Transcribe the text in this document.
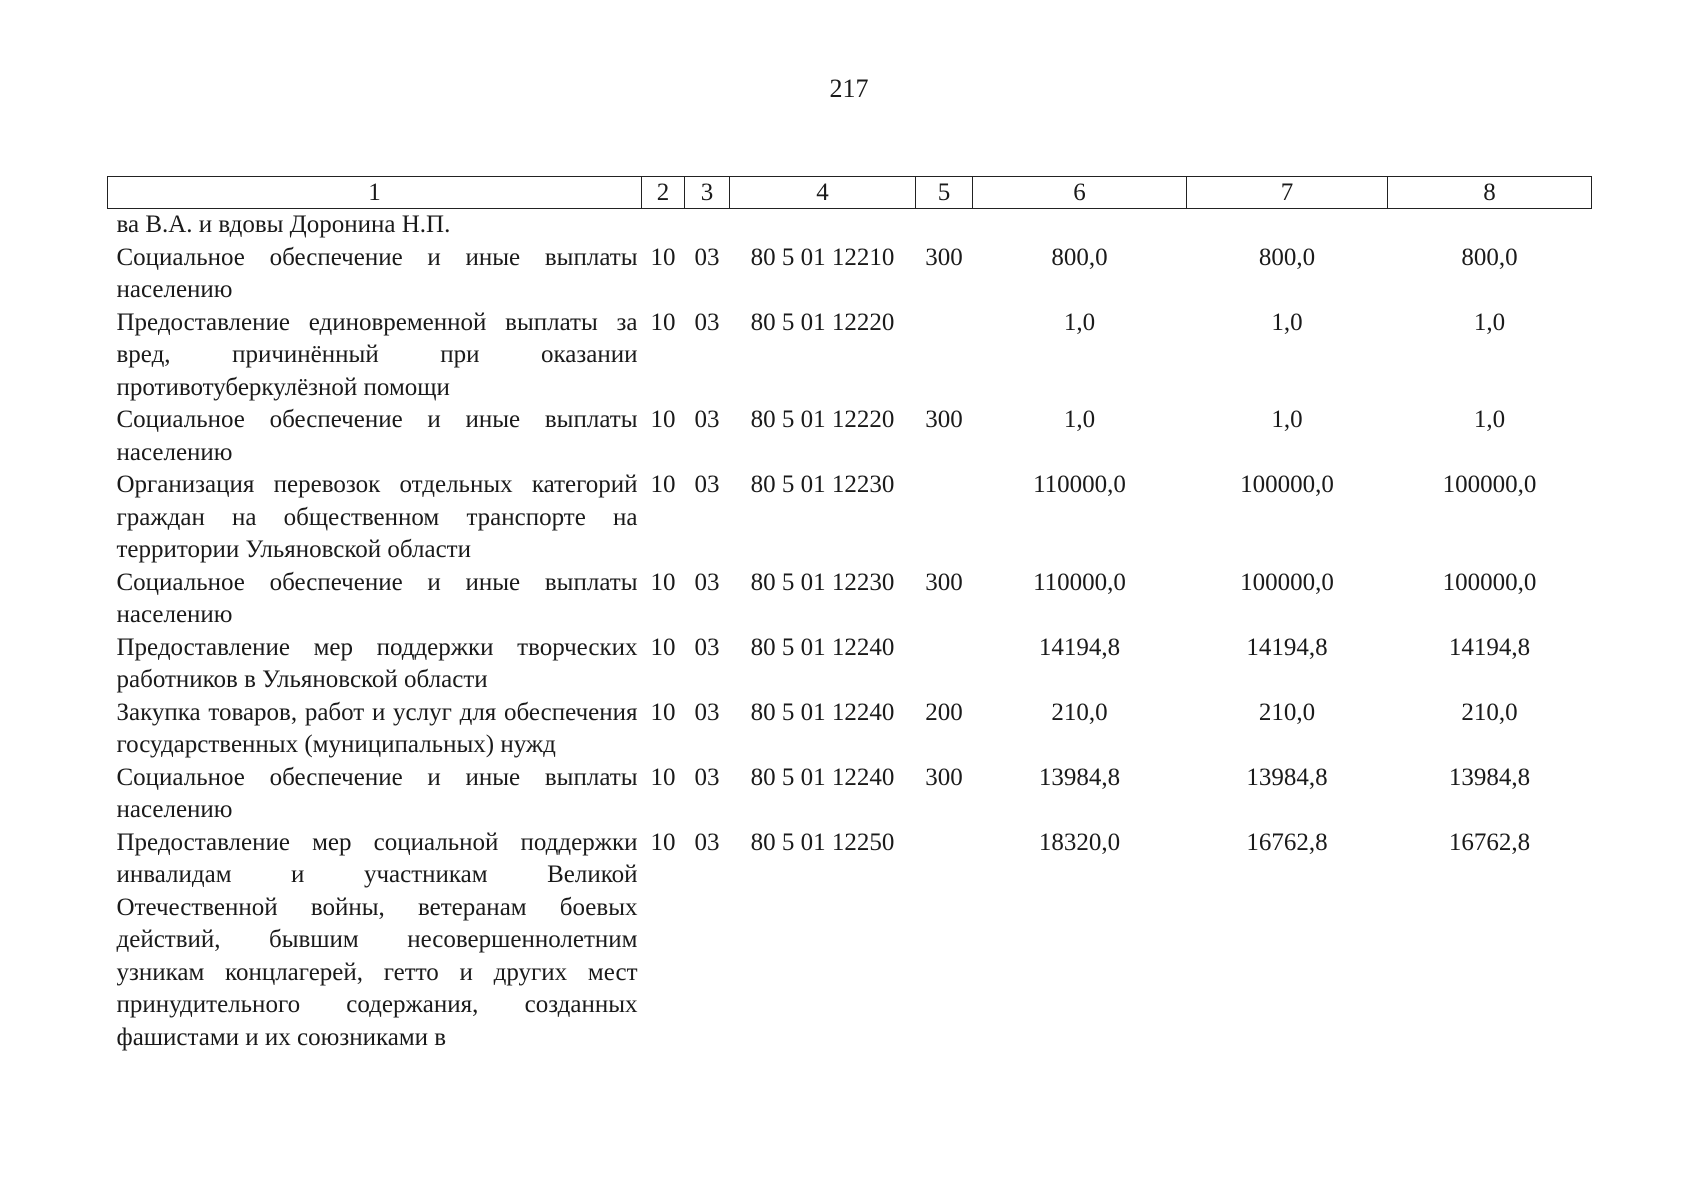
217
1	2	3	4	5	6	7	8
ва В.А. и вдовы Доронина Н.П.							
Социальное обеспечение и иные выплаты населению	10	03	80 5 01 12210	300	800,0	800,0	800,0
Предоставление единовременной выплаты за вред, причинённый при оказании противотуберкулёзной помощи	10	03	80 5 01 12220		1,0	1,0	1,0
Социальное обеспечение и иные выплаты населению	10	03	80 5 01 12220	300	1,0	1,0	1,0
Организация перевозок отдельных категорий граждан на общественном транспорте на территории Ульяновской области	10	03	80 5 01 12230		110000,0	100000,0	100000,0
Социальное обеспечение и иные выплаты населению	10	03	80 5 01 12230	300	110000,0	100000,0	100000,0
Предоставление мер поддержки творческих работников в Ульяновской области	10	03	80 5 01 12240		14194,8	14194,8	14194,8
Закупка товаров, работ и услуг для обеспечения государственных (муниципальных) нужд	10	03	80 5 01 12240	200	210,0	210,0	210,0
Социальное обеспечение и иные выплаты населению	10	03	80 5 01 12240	300	13984,8	13984,8	13984,8
Предоставление мер социальной поддержки инвалидам и участникам Великой Отечественной войны, ветеранам боевых действий, бывшим несовершеннолетним узникам концлагерей, гетто и других мест принудительного содержания, созданных фашистами и их союзниками в	10	03	80 5 01 12250		18320,0	16762,8	16762,8
